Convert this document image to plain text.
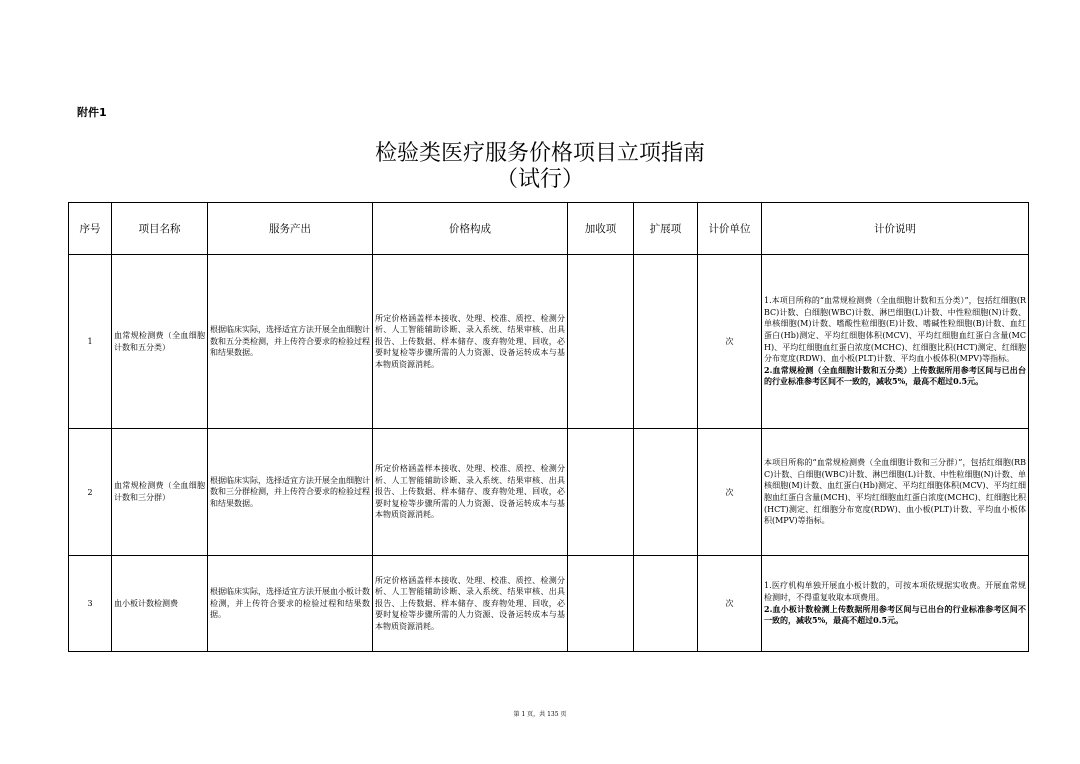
附件1
检验类医疗服务价格项目立项指南
（试行）
序号	项目名称	服务产出	价格构成	加收项	扩展项	计价单位	计价说明
1	血常规检测费（全血细胞计数和五分类）	根据临床实际，选择适宜方法开展全血细胞计数和五分类检测，并上传符合要求的检验过程和结果数据。	所定价格涵盖样本接收、处理、校准、质控、检测分析、人工智能辅助诊断、录入系统、结果审核、出具报告、上传数据、样本储存、废弃物处理、回收，必要时复检等步骤所需的人力资源、设备运转成本与基本物质资源消耗。			次	1.本项目所称的“血常规检测费（全血细胞计数和五分类）”，包括红细胞(RBC)计数、白细胞(WBC)计数、淋巴细胞(L)计数、中性粒细胞(N)计数、单核细胞(M)计数、嗜酸性粒细胞(E)计数、嗜碱性粒细胞(B)计数、血红蛋白(Hb)测定、平均红细胞体积(MCV)、平均红细胞血红蛋白含量(MCH)、平均红细胞血红蛋白浓度(MCHC)、红细胞比积(HCT)测定、红细胞分布宽度(RDW)、血小板(PLT)计数、平均血小板体积(MPV)等指标。
2.血常规检测（全血细胞计数和五分类）上传数据所用参考区间与已出台的行业标准参考区间不一致的，减收5%，最高不超过0.5元。

2	血常规检测费（全血细胞计数和三分群）	根据临床实际，选择适宜方法开展全血细胞计数和三分群检测，并上传符合要求的检验过程和结果数据。	所定价格涵盖样本接收、处理、校准、质控、检测分析、人工智能辅助诊断、录入系统、结果审核、出具报告、上传数据、样本储存、废弃物处理、回收，必要时复检等步骤所需的人力资源、设备运转成本与基本物质资源消耗。			次	本项目所称的“血常规检测费（全血细胞计数和三分群）”，包括红细胞(RBC)计数、白细胞(WBC)计数、淋巴细胞(L)计数、中性粒细胞(N)计数、单核细胞(M)计数、血红蛋白(Hb)测定、平均红细胞体积(MCV)、平均红细胞血红蛋白含量(MCH)、平均红细胞血红蛋白浓度(MCHC)、红细胞比积(HCT)测定、红细胞分布宽度(RDW)、血小板(PLT)计数、平均血小板体积(MPV)等指标。

3	血小板计数检测费	根据临床实际，选择适宜方法开展血小板计数检测，并上传符合要求的检验过程和结果数据。	所定价格涵盖样本接收、处理、校准、质控、检测分析、人工智能辅助诊断、录入系统、结果审核、出具报告、上传数据、样本储存、废弃物处理、回收，必要时复检等步骤所需的人力资源、设备运转成本与基本物质资源消耗。			次	1.医疗机构单独开展血小板计数的，可按本项依规据实收费。开展血常规检测时，不得重复收取本项费用。
2.血小板计数检测上传数据所用参考区间与已出台的行业标准参考区间不一致的，减收5%，最高不超过0.5元。
第 1 页，共 135 页
